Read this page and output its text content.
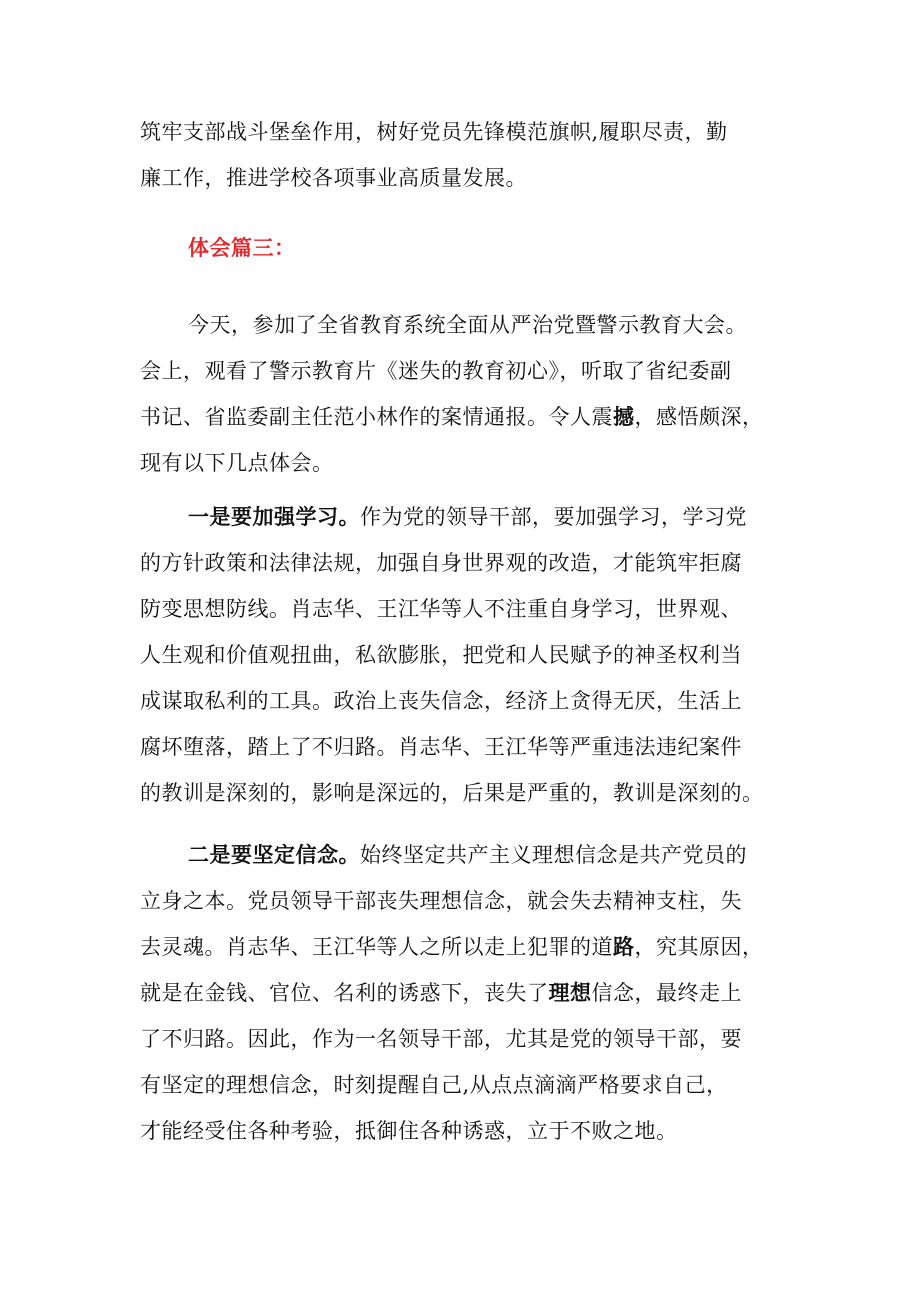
筑牢支部战斗堡垒作用，树好党员先锋模范旗帜,履职尽责，勤
廉工作，推进学校各项事业高质量发展。
体会篇三：
今天，参加了全省教育系统全面从严治党暨警示教育大会。
会上，观看了警示教育片《迷失的教育初心》，听取了省纪委副
书记、省监委副主任范小林作的案情通报。令人震撼，感悟颇深，
现有以下几点体会。
一是要加强学习。作为党的领导干部，要加强学习，学习党
的方针政策和法律法规，加强自身世界观的改造，才能筑牢拒腐
防变思想防线。肖志华、王江华等人不注重自身学习，世界观、
人生观和价值观扭曲，私欲膨胀，把党和人民赋予的神圣权利当
成谋取私利的工具。政治上丧失信念，经济上贪得无厌，生活上
腐坏堕落，踏上了不归路。肖志华、王江华等严重违法违纪案件
的教训是深刻的，影响是深远的，后果是严重的，教训是深刻的。
二是要坚定信念。始终坚定共产主义理想信念是共产党员的
立身之本。党员领导干部丧失理想信念，就会失去精神支柱，失
去灵魂。肖志华、王江华等人之所以走上犯罪的道路，究其原因，
就是在金钱、官位、名利的诱惑下，丧失了理想信念，最终走上
了不归路。因此，作为一名领导干部，尤其是党的领导干部，要
有坚定的理想信念，时刻提醒自己,从点点滴滴严格要求自己，
才能经受住各种考验，抵御住各种诱惑，立于不败之地。
